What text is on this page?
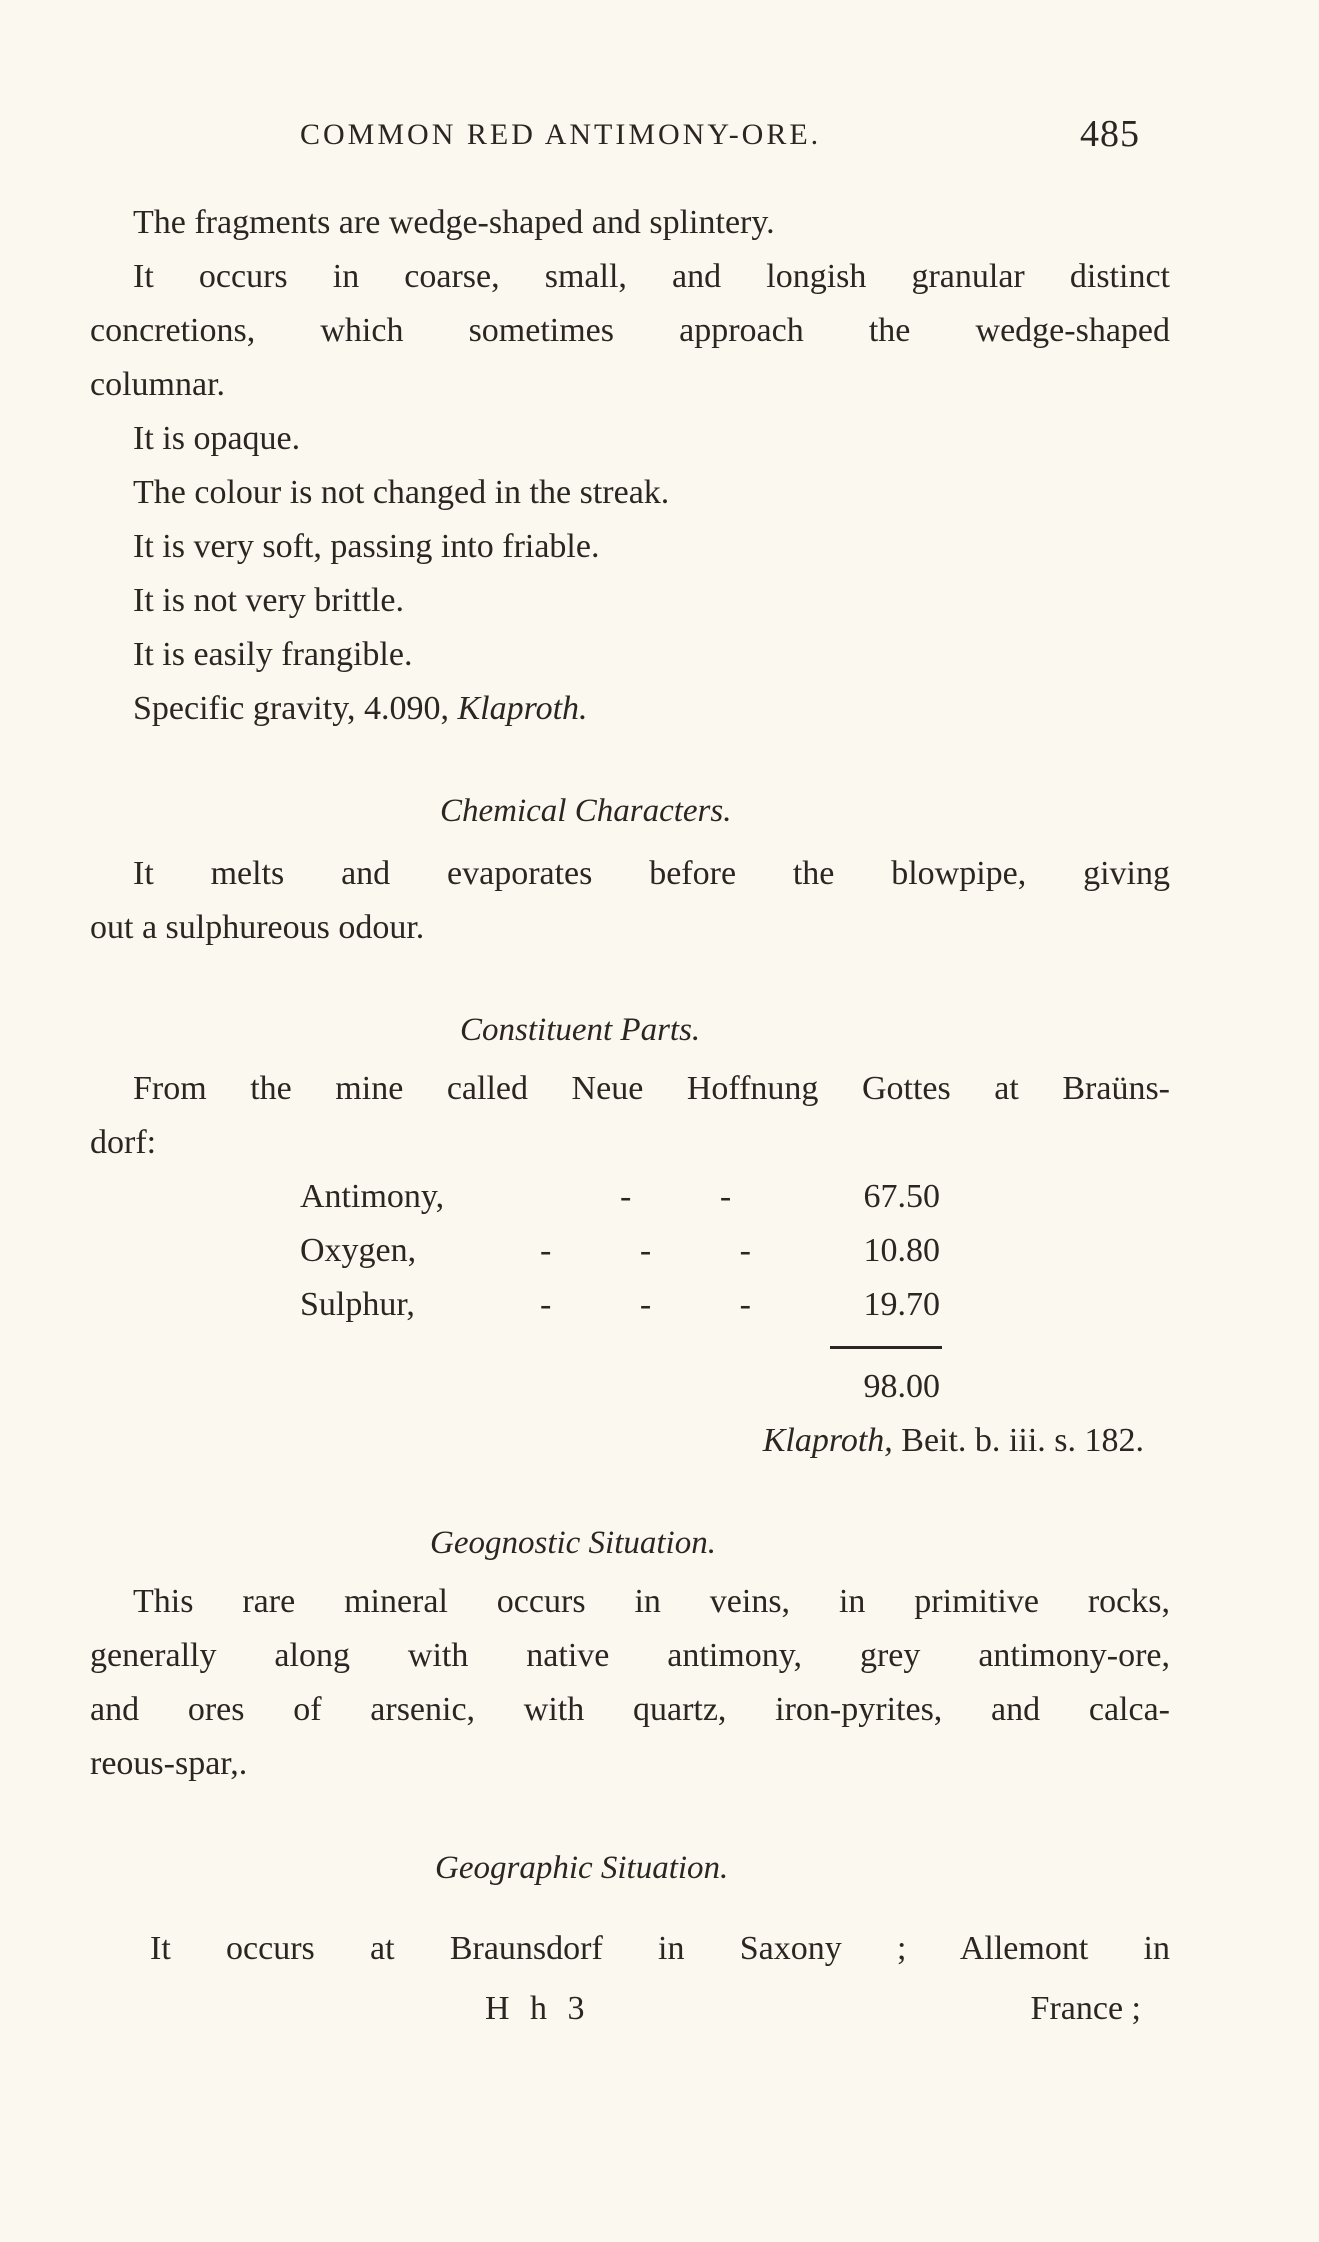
COMMON RED ANTIMONY-ORE.	485
The fragments are wedge-shaped and splintery.
It occurs in coarse, small, and longish granular distinct
concretions, which sometimes approach the wedge-shaped
columnar.
It is opaque.
The colour is not changed in the streak.
It is very soft, passing into friable.
It is not very brittle.
It is easily frangible.
Specific gravity, 4.090, Klaproth.
Chemical Characters.
It melts and evaporates before the blowpipe, giving
out a sulphureous odour.
Constituent Parts.
From the mine called Neue Hoffnung Gottes at Braüns-
dorf:
Antimony,	- -	67.50
Oxygen,	- - - 10.80
Sulphur,	- - - 19.70
98.00
Klaproth, Beit. b. iii. s. 182.
Geognostic Situation.
This rare mineral occurs in veins, in primitive rocks,
generally along with native antimony, grey antimony-ore,
and ores of arsenic, with quartz, iron-pyrites, and calca-
reous-spar,.
Geographic Situation.
It occurs at Braunsdorf in Saxony ; Allemont in
H h 3	France ;
